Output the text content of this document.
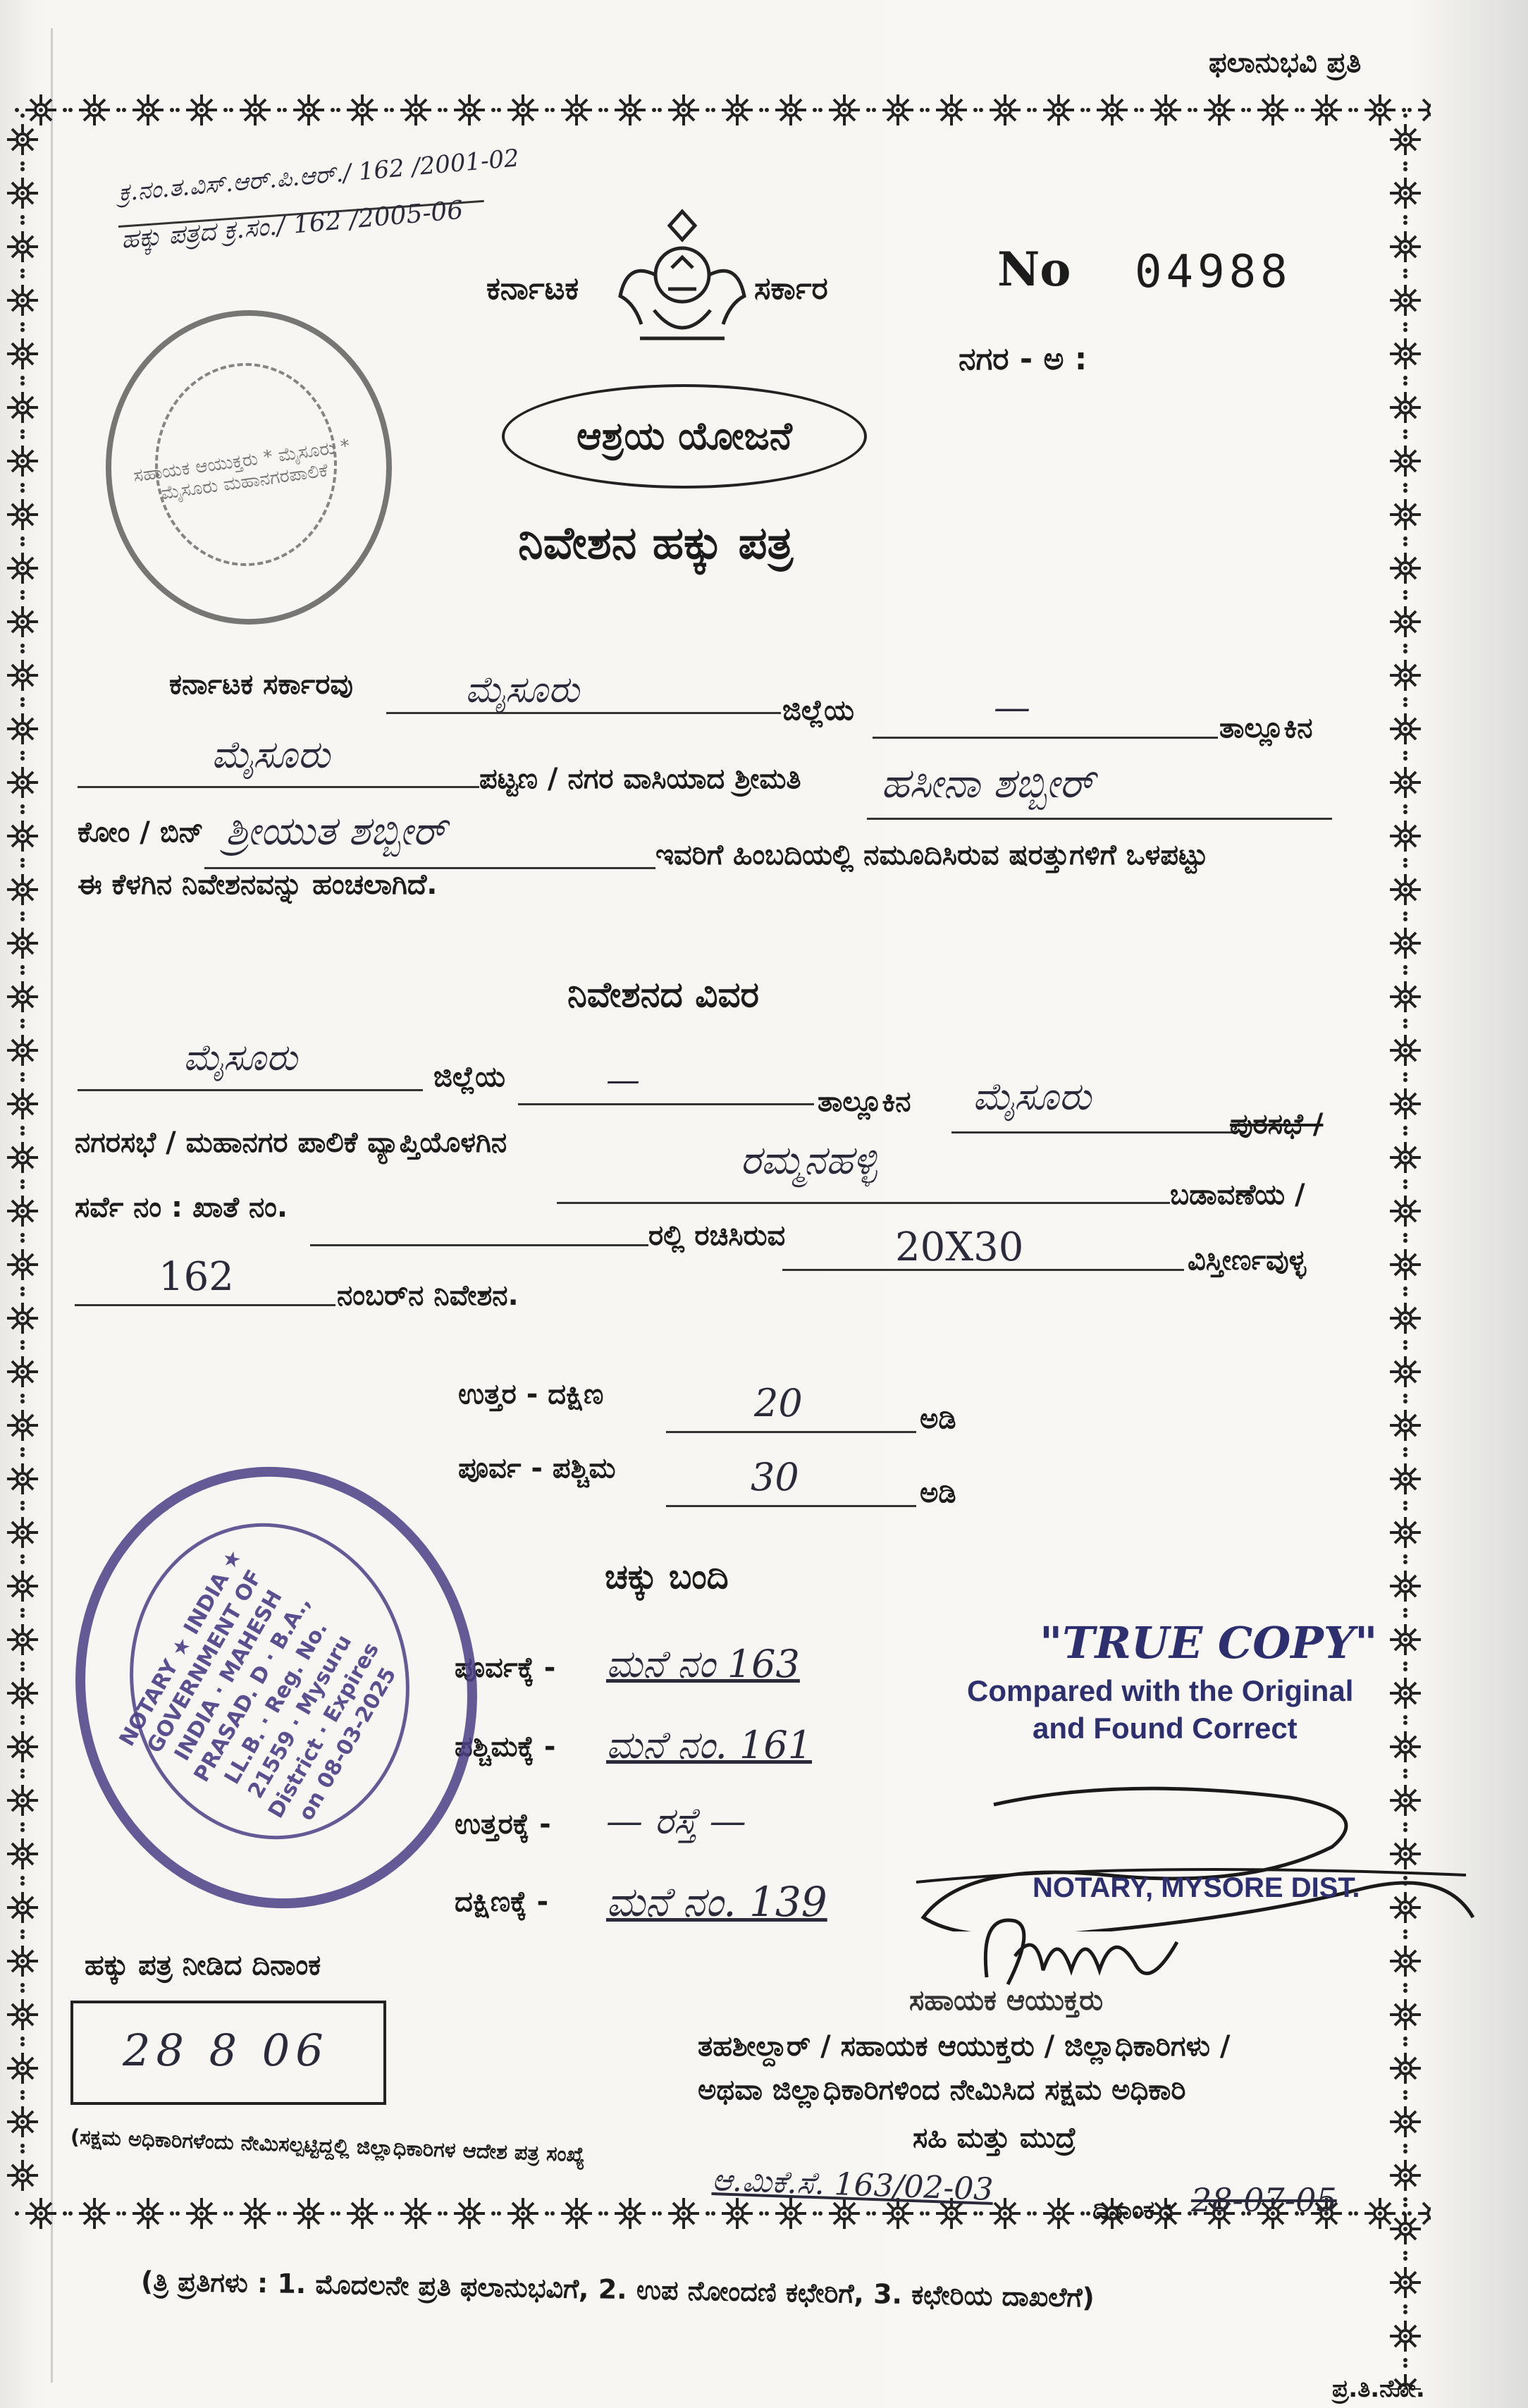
ಫಲಾನುಭವಿ ಪ್ರತಿ
ಕ್ರ.ನಂ.ತ.ವಿಸ್.ಆರ್.ಪಿ.ಆರ್./ 162 /2001-02
ಹಕ್ಕು ಪತ್ರದ ಕ್ರ.ಸಂ./ 162 /2005-06
ಕರ್ನಾಟಕ	ಸರ್ಕಾರ	No 04988
ನಗರ - ಅ :
ಆಶ್ರಯ ಯೋಜನೆ
ನಿವೇಶನ ಹಕ್ಕು ಪತ್ರ
ಸಹಾಯಕ ಆಯುಕ್ತರು * ಮೈಸೂರು * ಮೈಸೂರು ಮಹಾನಗರಪಾಲಿಕೆ
ಕರ್ನಾಟಕ ಸರ್ಕಾರವು	ಮೈಸೂರು	ಜಿಲ್ಲೆಯ	—	ತಾಲ್ಲೂಕಿನ
ಮೈಸೂರು
ಪಟ್ಟಣ / ನಗರ ವಾಸಿಯಾದ ಶ್ರೀಮತಿ ಹಸೀನಾ ಶಬ್ಬೀರ್
ಕೋಂ / ಬಿನ್ ಶ್ರೀಯುತ ಶಬ್ಬೀರ್
ಇವರಿಗೆ ಹಿಂಬದಿಯಲ್ಲಿ ನಮೂದಿಸಿರುವ ಷರತ್ತುಗಳಿಗೆ ಒಳಪಟ್ಟು
ಈ ಕೆಳಗಿನ ನಿವೇಶನವನ್ನು ಹಂಚಲಾಗಿದೆ.
ನಿವೇಶನದ ವಿವರ
ಮೈಸೂರು	ಜಿಲ್ಲೆಯ	—
ತಾಲ್ಲೂಕಿನ ಮೈಸೂರು
ಪುರಸಭೆ /
ನಗರಸಭೆ / ಮಹಾನಗರ ಪಾಲಿಕೆ ವ್ಯಾಪ್ತಿಯೊಳಗಿನ	ರಮ್ಮನಹಳ್ಳಿ
ಬಡಾವಣೆಯ /
ಸರ್ವೆ ನಂ : ಖಾತೆ ನಂ.
ರಲ್ಲಿ ರಚಿಸಿರುವ	20X30	ವಿಸ್ತೀರ್ಣವುಳ್ಳ
162	ನಂಬರ್‌ನ ನಿವೇಶನ.
ಉತ್ತರ - ದಕ್ಷಿಣ	20	ಅಡಿ
ಪೂರ್ವ - ಪಶ್ಚಿಮ	30	ಅಡಿ
ಚಕ್ಕು ಬಂದಿ
ಪೂರ್ವಕ್ಕೆ - ಮನೆ ನಂ 163
ಪಶ್ಚಿಮಕ್ಕೆ - ಮನೆ ನಂ. 161
ಉತ್ತರಕ್ಕೆ - — ರಸ್ತೆ —
ದಕ್ಷಿಣಕ್ಕೆ - ಮನೆ ನಂ. 139
NOTARY ★ INDIA ★ GOVERNMENT OF INDIA · MAHESH PRASAD. D · B.A., LL.B. · Reg. No. 21559 · Mysuru District · Expires on 08-03-2025
"TRUE COPY"
Compared with the Original
and Found Correct
NOTARY, MYSORE DIST.
ಹಕ್ಕು ಪತ್ರ ನೀಡಿದ ದಿನಾಂಕ
28 8 06
ಸಹಾಯಕ ಆಯುಕ್ತರು
ತಹಶೀಲ್ದಾರ್ / ಸಹಾಯಕ ಆಯುಕ್ತರು / ಜಿಲ್ಲಾಧಿಕಾರಿಗಳು /
ಅಥವಾ ಜಿಲ್ಲಾಧಿಕಾರಿಗಳಿಂದ ನೇಮಿಸಿದ ಸಕ್ಷಮ ಅಧಿಕಾರಿ
ಸಹಿ ಮತ್ತು ಮುದ್ರೆ
(ಸಕ್ಷಮ ಅಧಿಕಾರಿಗಳೆಂದು ನೇಮಿಸಲ್ಪಟ್ಟಿದ್ದಲ್ಲಿ ಜಿಲ್ಲಾಧಿಕಾರಿಗಳ ಆದೇಶ ಪತ್ರ ಸಂಖ್ಯೆ
ಆ.ಮಿಕೆ.ಸೆ. 163/02-03
ದಿನಾಂಕ : 28-07-05
(ತ್ರಿ ಪ್ರತಿಗಳು : 1. ಮೊದಲನೇ ಪ್ರತಿ ಫಲಾನುಭವಿಗೆ, 2. ಉಪ ನೋಂದಣಿ ಕಛೇರಿಗೆ, 3. ಕಛೇರಿಯ ದಾಖಲೆಗೆ)
ಪ್ರ.ತಿ.ನೋ.
